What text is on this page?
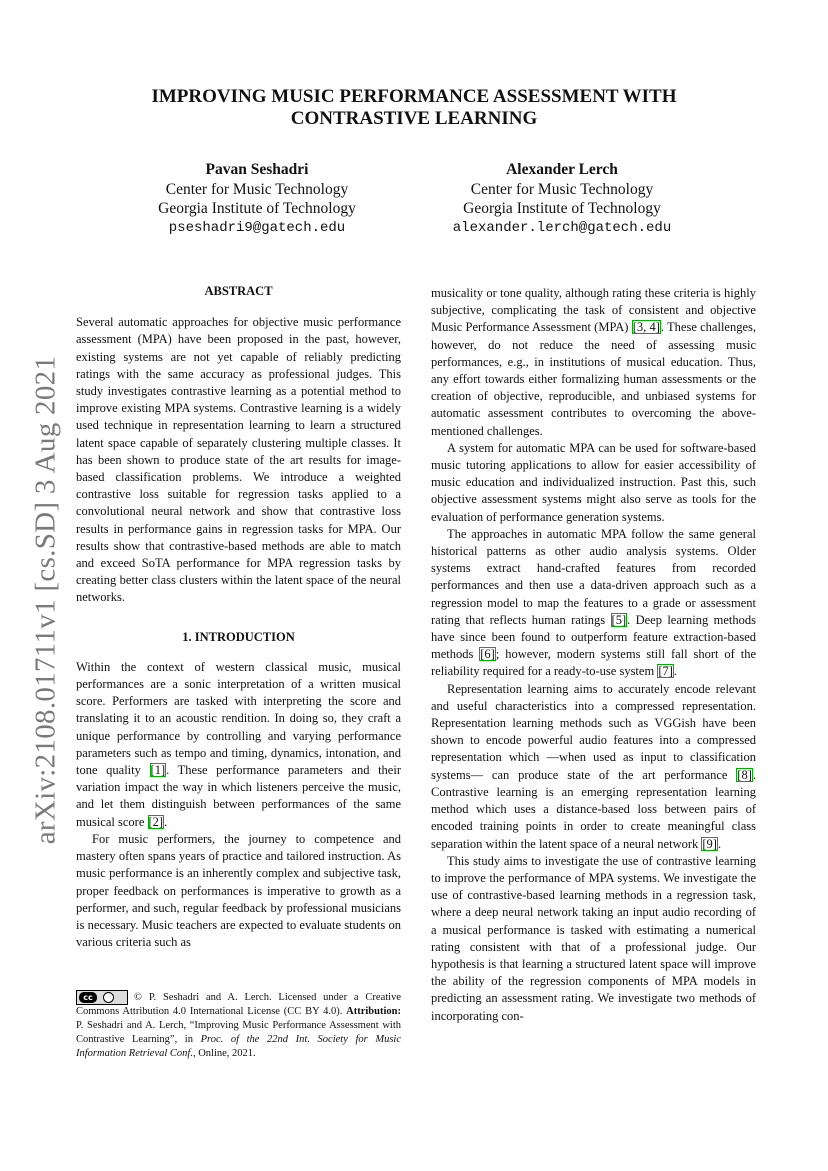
IMPROVING MUSIC PERFORMANCE ASSESSMENT WITH
CONTRASTIVE LEARNING
Pavan Seshadri
Center for Music Technology
Georgia Institute of Technology
pseshadri9@gatech.edu
Alexander Lerch
Center for Music Technology
Georgia Institute of Technology
alexander.lerch@gatech.edu
arXiv:2108.01711v1 [cs.SD] 3 Aug 2021
ABSTRACT

Several automatic approaches for objective music performance assessment (MPA) have been proposed in the past, however, existing systems are not yet capable of reliably predicting ratings with the same accuracy as professional judges. This study investigates contrastive learning as a potential method to improve existing MPA systems. Contrastive learning is a widely used technique in representation learning to learn a structured latent space capable of separately clustering multiple classes. It has been shown to produce state of the art results for image-based classification problems. We introduce a weighted contrastive loss suitable for regression tasks applied to a convolutional neural network and show that contrastive loss results in performance gains in regression tasks for MPA. Our results show that contrastive-based methods are able to match and exceed SoTA performance for MPA regression tasks by creating better class clusters within the latent space of the neural networks.

1. INTRODUCTION

Within the context of western classical music, musical performances are a sonic interpretation of a written musical score. Performers are tasked with interpreting the score and translating it to an acoustic rendition. In doing so, they craft a unique performance by controlling and varying performance parameters such as tempo and timing, dynamics, intonation, and tone quality [1]. These performance parameters and their variation impact the way in which listeners perceive the music, and let them distinguish between performances of the same musical score [2].

For music performers, the journey to competence and mastery often spans years of practice and tailored instruction. As music performance is an inherently complex and subjective task, proper feedback on performances is imperative to growth as a performer, and such, regular feedback by professional musicians is necessary. Music teachers are expected to evaluate students on various criteria such as

cc	© P. Seshadri and A. Lerch. Licensed under a Creative Commons Attribution 4.0 International License (CC BY 4.0). Attribution: P. Seshadri and A. Lerch, “Improving Music Performance Assessment with Contrastive Learning”, in Proc. of the 22nd Int. Society for Music Information Retrieval Conf., Online, 2021.

musicality or tone quality, although rating these criteria is highly subjective, complicating the task of consistent and objective Music Performance Assessment (MPA) [3, 4]. These challenges, however, do not reduce the need of assessing music performances, e.g., in institutions of musical education. Thus, any effort towards either formalizing human assessments or the creation of objective, reproducible, and unbiased systems for automatic assessment contributes to overcoming the above-mentioned challenges.

A system for automatic MPA can be used for software-based music tutoring applications to allow for easier accessibility of music education and individualized instruction. Past this, such objective assessment systems might also serve as tools for the evaluation of performance generation systems.

The approaches in automatic MPA follow the same general historical patterns as other audio analysis systems. Older systems extract hand-crafted features from recorded performances and then use a data-driven approach such as a regression model to map the features to a grade or assessment rating that reflects human ratings [5]. Deep learning methods have since been found to outperform feature extraction-based methods [6]; however, modern systems still fall short of the reliability required for a ready-to-use system [7].

Representation learning aims to accurately encode relevant and useful characteristics into a compressed representation. Representation learning methods such as VGGish have been shown to encode powerful audio features into a compressed representation which —when used as input to classification systems— can produce state of the art performance [8]. Contrastive learning is an emerging representation learning method which uses a distance-based loss between pairs of encoded training points in order to create meaningful class separation within the latent space of a neural network [9].

This study aims to investigate the use of contrastive learning to improve the performance of MPA systems. We investigate the use of contrastive-based learning methods in a regression task, where a deep neural network taking an input audio recording of a musical performance is tasked with estimating a numerical rating consistent with that of a professional judge. Our hypothesis is that learning a structured latent space will improve the ability of the regression components of MPA models in predicting an assessment rating. We investigate two methods of incorporating con-
